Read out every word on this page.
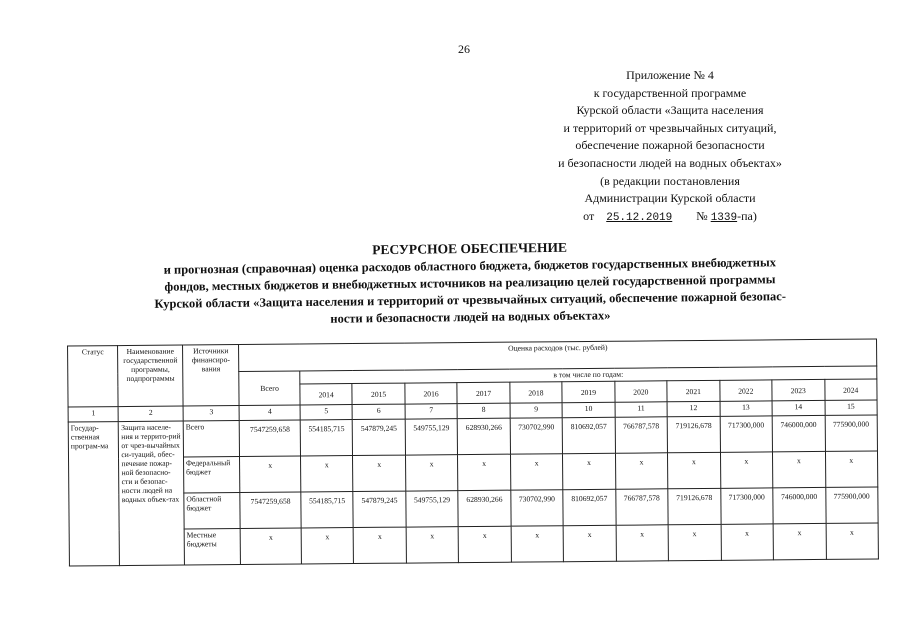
26
Приложение № 4
к государственной программе
Курской области «Защита населения
и территорий от чрезвычайных ситуаций,
обеспечение пожарной безопасности
и безопасности людей на водных объектах»
(в редакции постановления
Администрации Курской области
от 25.12.2019 № 1339-па)
РЕСУРСНОЕ ОБЕСПЕЧЕНИЕ
и прогнозная (справочная) оценка расходов областного бюджета, бюджетов государственных внебюджетных
фондов, местных бюджетов и внебюджетных источников на реализацию целей государственной программы
Курской области «Защита населения и территорий от чрезвычайных ситуаций, обеспечение пожарной безопас-
ности и безопасности людей на водных объектах»
Статус	Наименование государственной программы, подпрограммы	Источники финансиро-вания	Оценка расходов (тыс. рублей)											
			Всего	в том числе по годам:										
				2014	2015	2016	2017	2018	2019	2020	2021	2022	2023	2024
1	2	3	4	5	6	7	8	9	10	11	12	13	14	15
Государ-ственная програм-ма	Защита населе-ния и террито-рий от чрез-вычайных си-туаций, обес-печение пожар-ной безопасно-сти и безопас-ности людей на водных объек-тах	Всего	7547259,658	554185,715	547879,245	549755,129	628930,266	730702,990	810692,057	766787,578	719126,678	717300,000	746000,000	775900,000
		Федеральный бюджет	x	x	x	x	x	x	x	x	x	x	x	x
		Областной бюджет	7547259,658	554185,715	547879,245	549755,129	628930,266	730702,990	810692,057	766787,578	719126,678	717300,000	746000,000	775900,000
		Местные бюджеты	x	x	x	x	x	x	x	x	x	x	x	x
